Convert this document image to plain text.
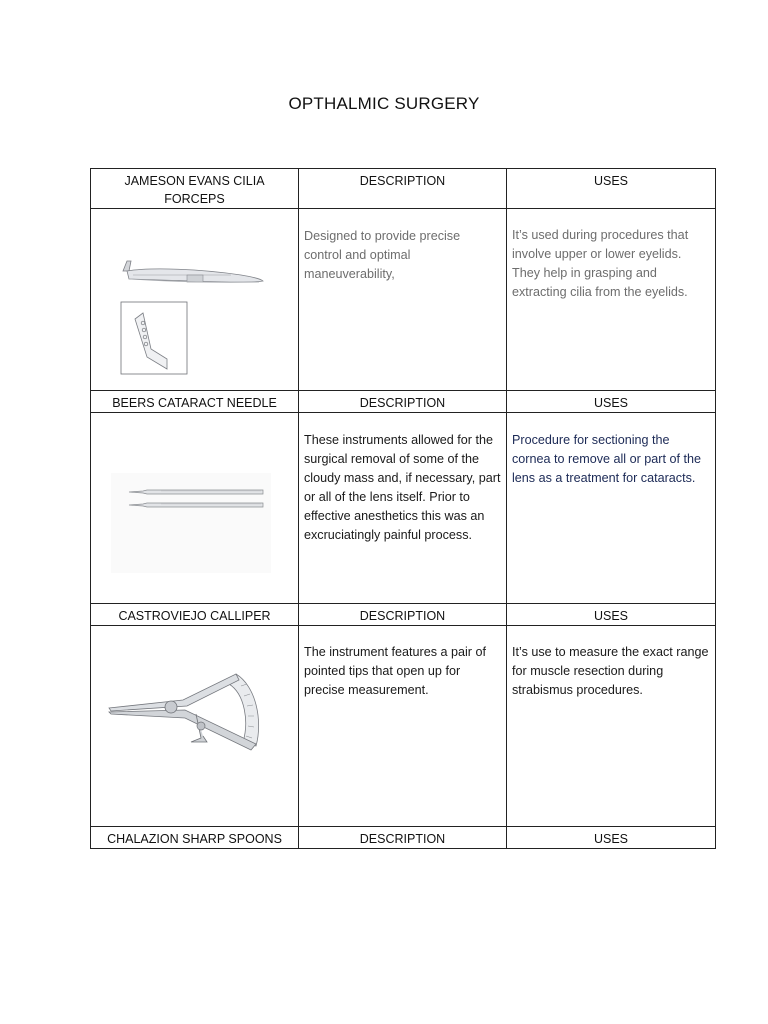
OPTHALMIC SURGERY
JAMESON EVANS CILIA FORCEPS	DESCRIPTION	USES

Designed to provide precise control and optimal maneuverability,	It’s used during procedures that involve upper or lower eyelids. They help in grasping and extracting cilia from the eyelids.

BEERS CATARACT NEEDLE	DESCRIPTION	USES

These instruments allowed for the surgical removal of some of the cloudy mass and, if necessary, part or all of the lens itself. Prior to effective anesthetics this was an excruciatingly painful process.	Procedure for sectioning the cornea to remove all or part of the lens as a treatment for cataracts.

CASTROVIEJO CALLIPER	DESCRIPTION	USES

The instrument features a pair of pointed tips that open up for precise measurement.	It’s use to measure the exact range for muscle resection during strabismus procedures.

CHALAZION SHARP SPOONS	DESCRIPTION	USES
